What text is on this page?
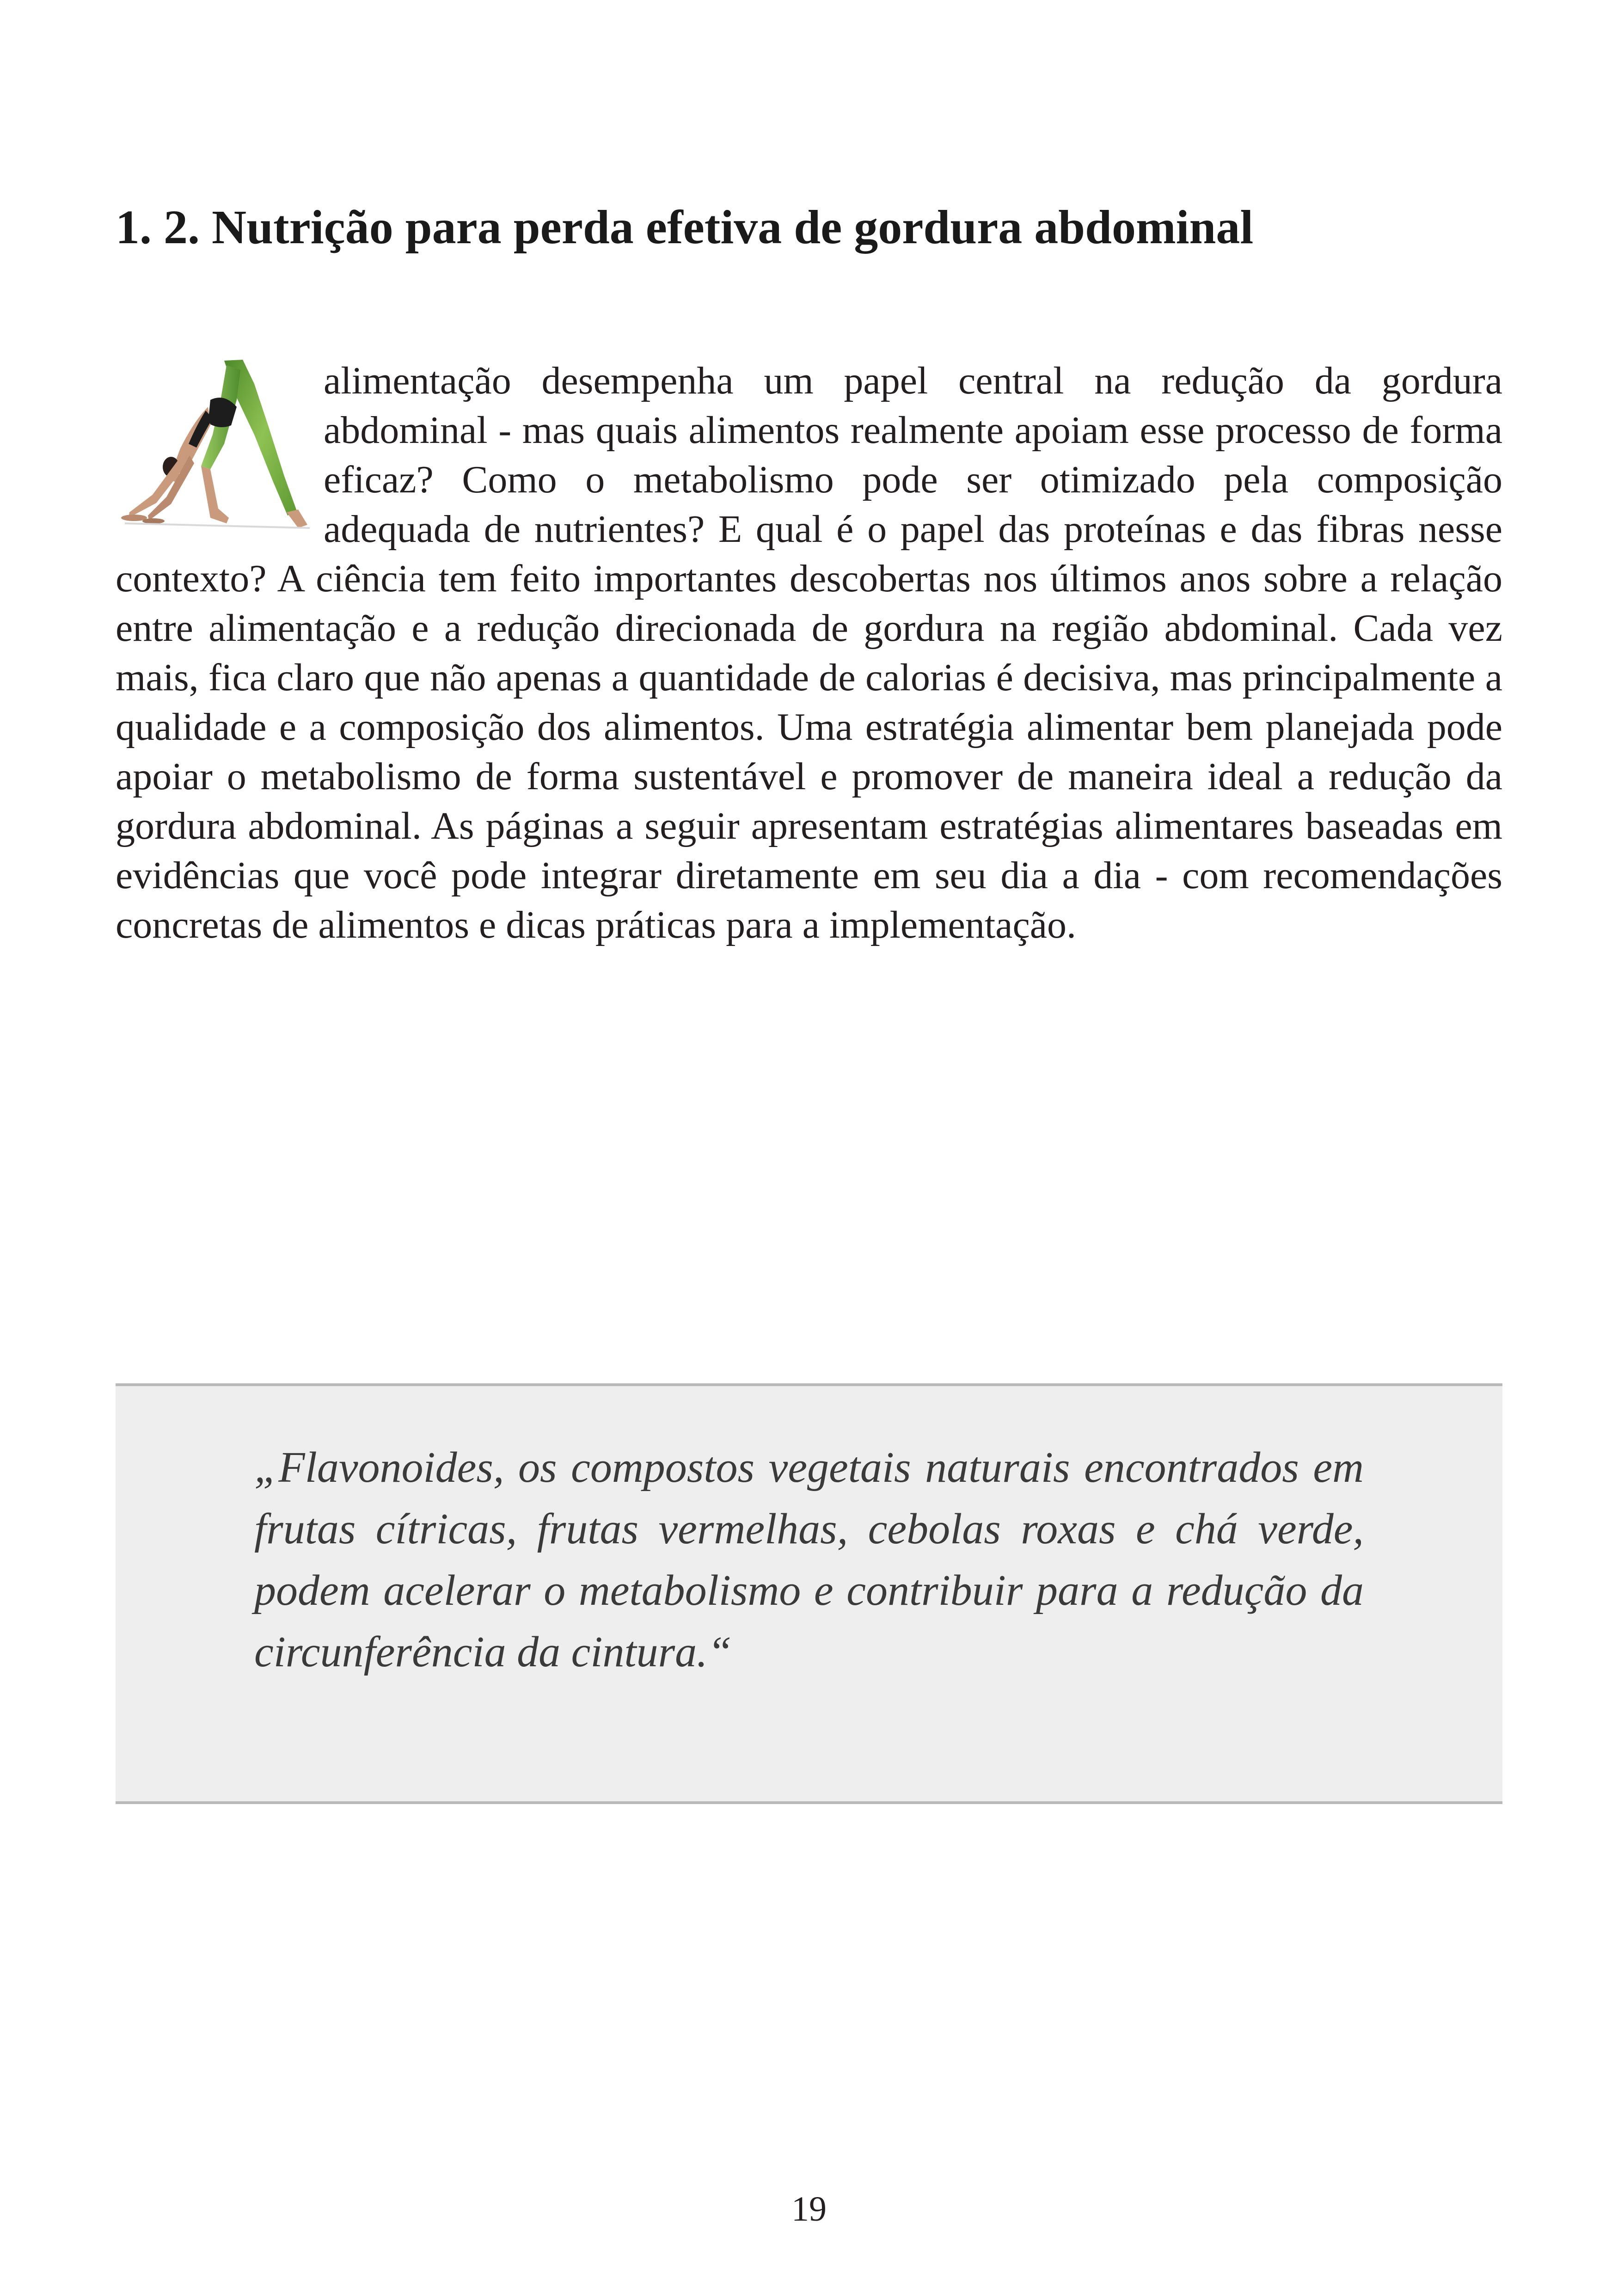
1. 2. Nutrição para perda efetiva de gordura abdominal

alimentação desempenha um papel central na redução da gordura abdominal - mas quais alimentos realmente apoiam esse processo de forma eficaz? Como o metabolismo pode ser otimizado pela composição adequada de nutrientes? E qual é o papel das proteínas e das fibras nesse contexto? A ciência tem feito importantes descobertas nos últimos anos sobre a relação entre alimentação e a redução direcionada de gordura na região abdominal. Cada vez mais, fica claro que não apenas a quantidade de calorias é decisiva, mas principalmente a qualidade e a composição dos alimentos. Uma estratégia alimentar bem planejada pode apoiar o metabolismo de forma sustentável e promover de maneira ideal a redução da gordura abdominal. As páginas a seguir apresentam estratégias alimentares baseadas em evidências que você pode integrar diretamente em seu dia a dia - com recomendações concretas de alimentos e dicas práticas para a implementação.

„Flavonoides, os compostos vegetais naturais encontrados em frutas cítricas, frutas vermelhas, cebolas roxas e chá verde, podem acelerar o metabolismo e contribuir para a redução da circunferência da cintura.“

19
